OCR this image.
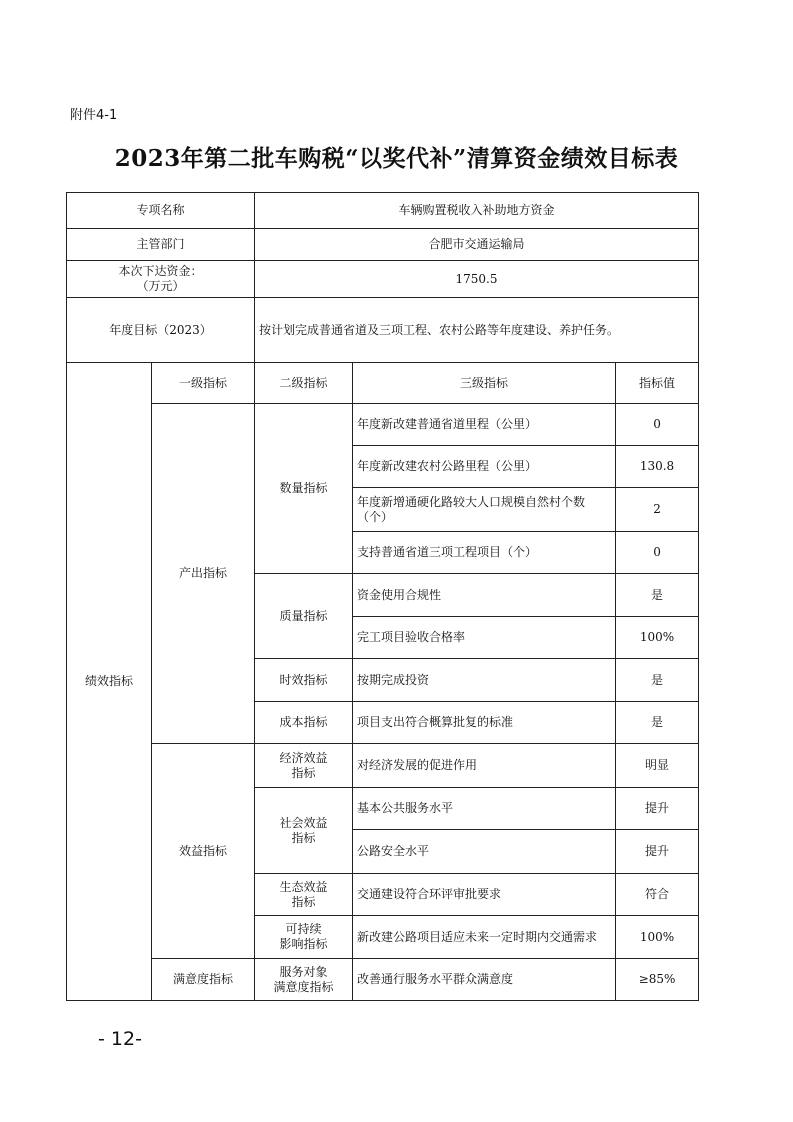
附件4-1
2023年第二批车购税“以奖代补”清算资金绩效目标表
专项名称		车辆购置税收入补助地方资金		
主管部门		合肥市交通运输局		
本次下达资金：
（万元）		1750.5		
年度目标（2023）		按计划完成普通省道及三项工程、农村公路等年度建设、养护任务。		
绩效指标	一级指标	二级指标	三级指标	指标值
	产出指标	数量指标	年度新改建普通省道里程（公里）	0
			年度新改建农村公路里程（公里）	130.8
			年度新增通硬化路较大人口规模自然村个数（个）	2
			支持普通省道三项工程项目（个）	0
		质量指标	资金使用合规性	是
			完工项目验收合格率	100%
		时效指标	按期完成投资	是
		成本指标	项目支出符合概算批复的标准	是
	效益指标	经济效益
指标	对经济发展的促进作用	明显
		社会效益
指标	基本公共服务水平	提升
			公路安全水平	提升
		生态效益
指标	交通建设符合环评审批要求	符合
		可持续
影响指标	新改建公路项目适应未来一定时期内交通需求	100%
	满意度指标	服务对象
满意度指标	改善通行服务水平群众满意度	≥85%
- 12-
